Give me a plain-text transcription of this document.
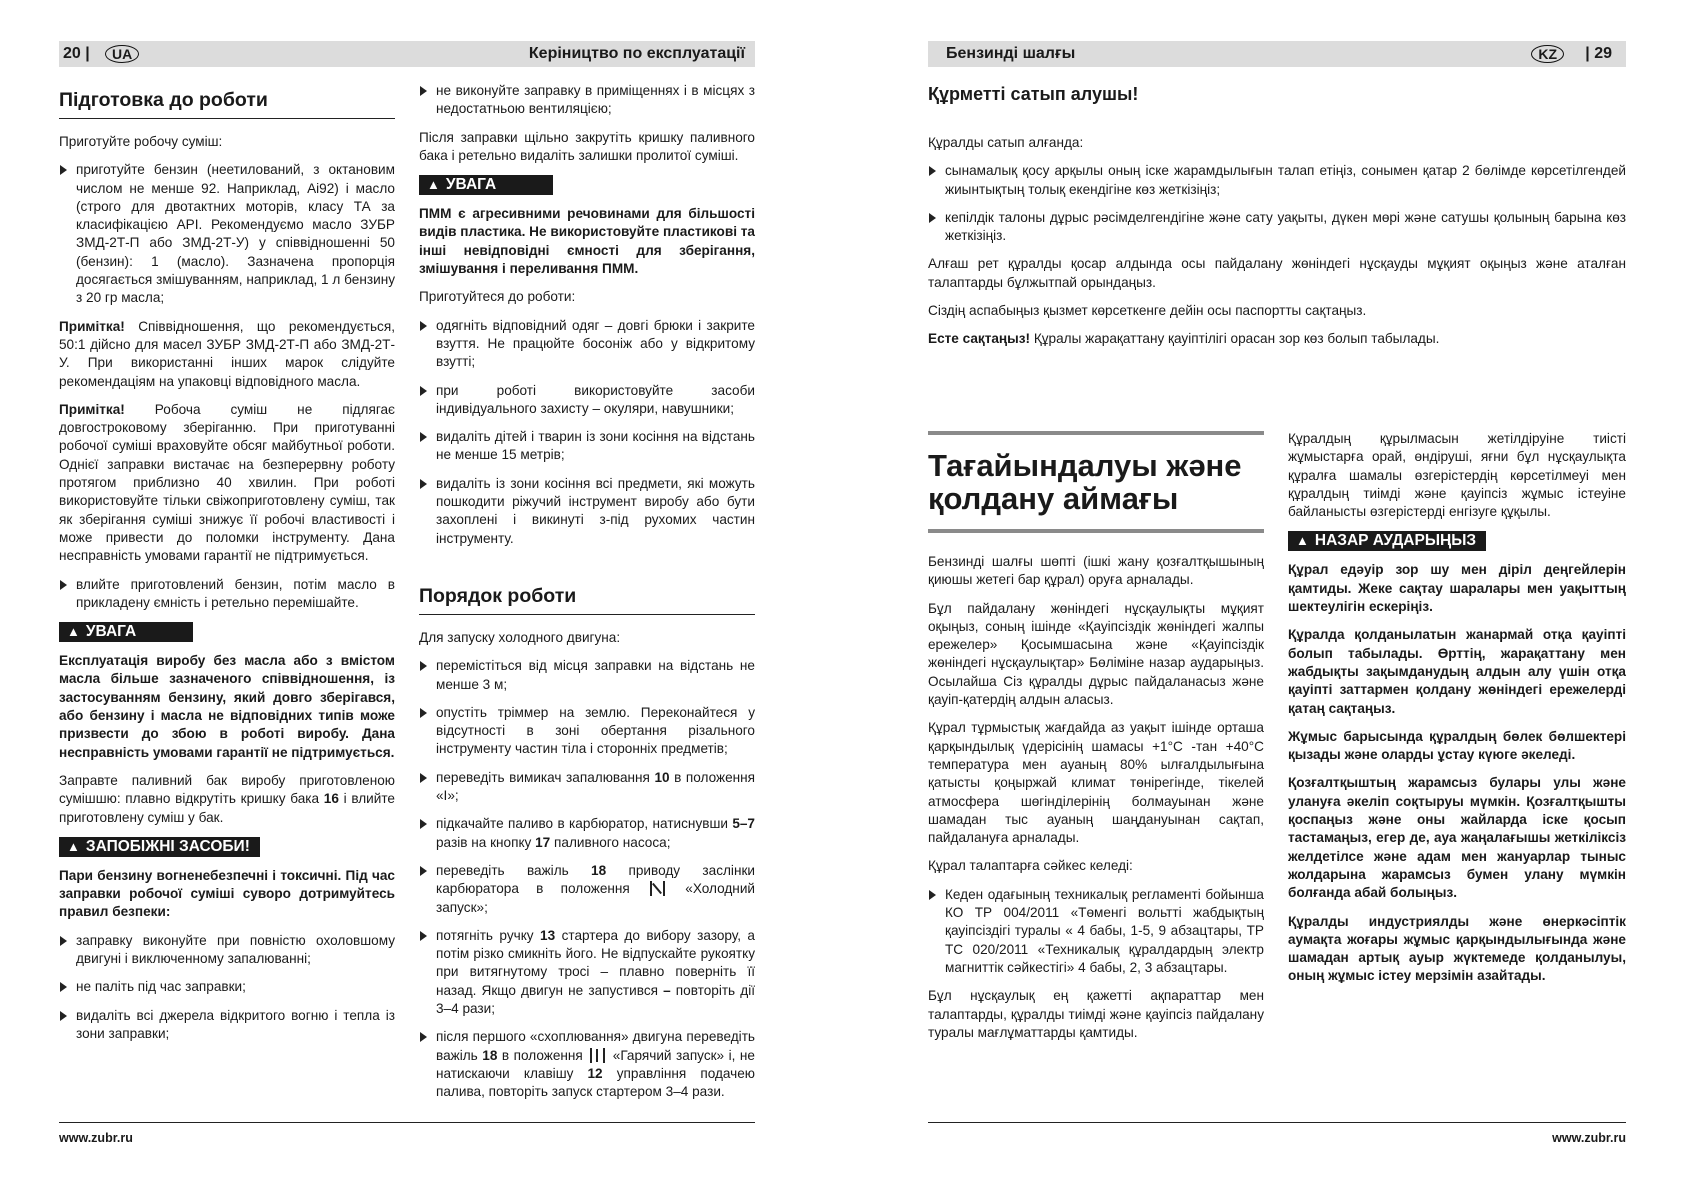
20 |	UA	Керіництво по експлуатації	Бензинді шалғы	KZ	| 29
Підготовка до роботи
Приготуйте робочу суміш:
приготуйте бензин (неетилований, з октановим числом не менше 92. Наприклад, Ai92) і масло (строго для двотактних моторів, класу ТА за класифікацією API. Рекомендуємо масло ЗУБР ЗМД-2Т-П або ЗМД-2Т-У) у співвідношенні 50 (бензин): 1 (масло). Зазначена пропорція досягається змішуванням, наприклад, 1 л бензину з 20 гр масла;
Примітка! Співвідношення, що рекомендується, 50:1 дійсно для масел ЗУБР ЗМД-2Т-П або ЗМД-2Т-У. При використанні інших марок слідуйте рекомендаціям на упаковці відповідного масла.
Примітка! Робоча суміш не підлягає довгостроковому зберіганню. При приготуванні робочої суміші враховуйте обсяг майбутньої роботи. Однієї заправки вистачає на безперервну роботу протягом приблизно 40 хвилин. При роботі використовуйте тільки свіжоприготовлену суміш, так як зберігання суміші знижує її робочі властивості і може привести до поломки інструменту. Дана несправність умовами гарантії не підтримується.
влийте приготовлений бензин, потім масло в прикладену ємність і ретельно перемішайте.
▲ УВАГА
Експлуатація виробу без масла або з вмістом масла більше зазначеного співвідношення, із застосуванням бензину, який довго зберігався, або бензину і масла не відповідних типів може призвести до збою в роботі виробу. Дана несправність умовами гарантії не підтримується.
Заправте паливний бак виробу приготовленою сумішшю: плавно відкрутіть кришку бака 16 і влийте приготовлену суміш у бак.
▲ ЗАПОБІЖНІ ЗАСОБИ!
Пари бензину вогненебезпечні і токсичні. Під час заправки робочої суміші суворо дотримуйтесь правил безпеки:
заправку виконуйте при повністю охоловшому двигуні і виключенному запалюванні;
не паліть під час заправки;
видаліть всі джерела відкритого вогню і тепла із зони заправки;
не виконуйте заправку в приміщеннях і в місцях з недостатньою вентиляцією;
Після заправки щільно закрутіть кришку паливного бака і ретельно видаліть залишки пролитої суміші.
▲ УВАГА
ПММ є агресивними речовинами для більшості видів пластика. Не використовуйте пластикові та інші невідповідні ємності для зберігання, змішування і переливання ПММ.
Приготуйтеся до роботи:
одягніть відповідний одяг – довгі брюки і закрите взуття. Не працюйте босоніж або у відкритому взутті;
при роботі використовуйте засоби індивідуального захисту – окуляри, навушники;
видаліть дітей і тварин із зони косіння на відстань не менше 15 метрів;
видаліть із зони косіння всі предмети, які можуть пошкодити ріжучий інструмент виробу або бути захоплені і викинуті з-під рухомих частин інструменту.
Порядок роботи
Для запуску холодного двигуна:
перемістіться від місця заправки на відстань не менше 3 м;
опустіть тріммер на землю. Переконайтеся у відсутності в зоні обертання різального інструменту частин тіла і сторонніх предметів;
переведіть вимикач запалювання 10 в положення «I»;
підкачайте паливо в карбюратор, натиснувши 5–7 разів на кнопку 17 паливного насоса;
переведіть важіль 18 приводу заслінки карбюратора в положення  «Холодний запуск»;
потягніть ручку 13 стартера до вибору зазору, а потім різко смикніть його. Не відпускайте рукоятку при витягнутому тросі – плавно поверніть її назад. Якщо двигун не запустився – повторіть дії 3–4 рази;
після першого «схоплювання» двигуна переведіть важіль 18 в положення  «Гарячий запуск» і, не натискаючи клавішу 12 управління подачею палива, повторіть запуск стартером 3–4 рази.
Құрметті сатып алушы!
Құралды сатып алғанда:
сынамалық қосу арқылы оның іске жарамдылығын талап етіңіз, сонымен қатар 2 бөлімде көрсетілгендей жиынтықтың толық екендігіне көз жеткізіңіз;
кепілдік талоны дұрыс рәсімделгендігіне және сату уақыты, дүкен мөрі және сатушы қолының барына көз жеткізіңіз.
Алғаш рет құралды қосар алдында осы пайдалану жөніндегі нұсқауды мұқият оқыңыз және аталған талаптарды бұлжытпай орындаңыз.
Сіздің аспабыңыз қызмет көрсеткенге дейін осы паспортты сақтаңыз.
Есте сақтаңыз! Құралы жарақаттану қауіптілігі орасан зор көз болып табылады.
Тағайындалуы және қолдану аймағы
Бензинді шалғы шөпті (ішкі жану қозғалтқышының қиюшы жетегі бар құрал) оруға арналады.
Бұл пайдалану жөніндегі нұсқаулықты мұқият оқыңыз, соның ішінде «Қауіпсіздік жөніндегі жалпы ережелер» Қосымшасына және «Қауіпсіздік жөніндегі нұсқаулықтар» Бөліміне назар аударыңыз. Осылайша Сіз құралды дұрыс пайдаланасыз және қауіп-қатердің алдын аласыз.
Құрал тұрмыстық жағдайда аз уақыт ішінде орташа қарқындылық үдерісінің шамасы +1°С -тан +40°С температура мен ауаның 80% ылғалдылығына қатысты қоңыржай климат төнірегінде, тікелей атмосфера шөгінділерінің болмауынан және шамадан тыс ауаның шаңдануынан сақтап, пайдалануға арналады.
Құрал талаптарға сәйкес келеді:
Кеден одағының техникалық регламенті бойынша КО ТР 004/2011 «Төменгі вольтті жабдықтың қауіпсіздігі туралы « 4 бабы, 1-5, 9 абзацтары, ТР ТС 020/2011 «Техникалық құралдардың электр магниттік сәйкестігі» 4 бабы, 2, 3 абзацтары.
Бұл нұсқаулық ең қажетті ақпараттар мен талаптарды, құралды тиімді және қауіпсіз пайдалану туралы мағлұматтарды қамтиды.
Құралдың құрылмасын жетілдіруіне тиісті жұмыстарға орай, өндіруші, яғни бұл нұсқаулықта құралға шамалы өзгерістердің көрсетілмеуі мен құралдың тиімді және қауіпсіз жұмыс істеуіне байланысты өзгерістерді енгізуге құқылы.
▲ НАЗАР АУДАРЫҢЫЗ
Құрал едәуір зор шу мен діріл деңгейлерін қамтиды. Жеке сақтау шаралары мен уақыттың шектеулігін ескеріңіз.
Құралда қолданылатын жанармай отқа қауіпті болып табылады. Өрттің, жарақаттану мен жабдықты зақымданудың алдын алу үшін отқа қауіпті заттармен қолдану жөніндегі ережелерді қатаң сақтаңыз.
Жұмыс барысында құралдың бөлек бөлшектері қызады және оларды ұстау күюге әкеледі.
Қозғалтқыштың жарамсыз булары улы және улануға әкеліп соқтыруы мүмкін. Қозғалтқышты қоспаңыз және оны жайларда іске қосып тастамаңыз, егер де, ауа жаңалағышы жеткіліксіз желдетілсе және адам мен жануарлар тыныс жолдарына жарамсыз бумен улану мүмкін болғанда абай болыңыз.
Құралды индустриялды және өнеркәсіптік аумақта жоғары жұмыс қарқындылығында және шамадан артық ауыр жүктемеде қолданылуы, оның жұмыс істеу мерзімін азайтады.
www.zubr.ru	www.zubr.ru
